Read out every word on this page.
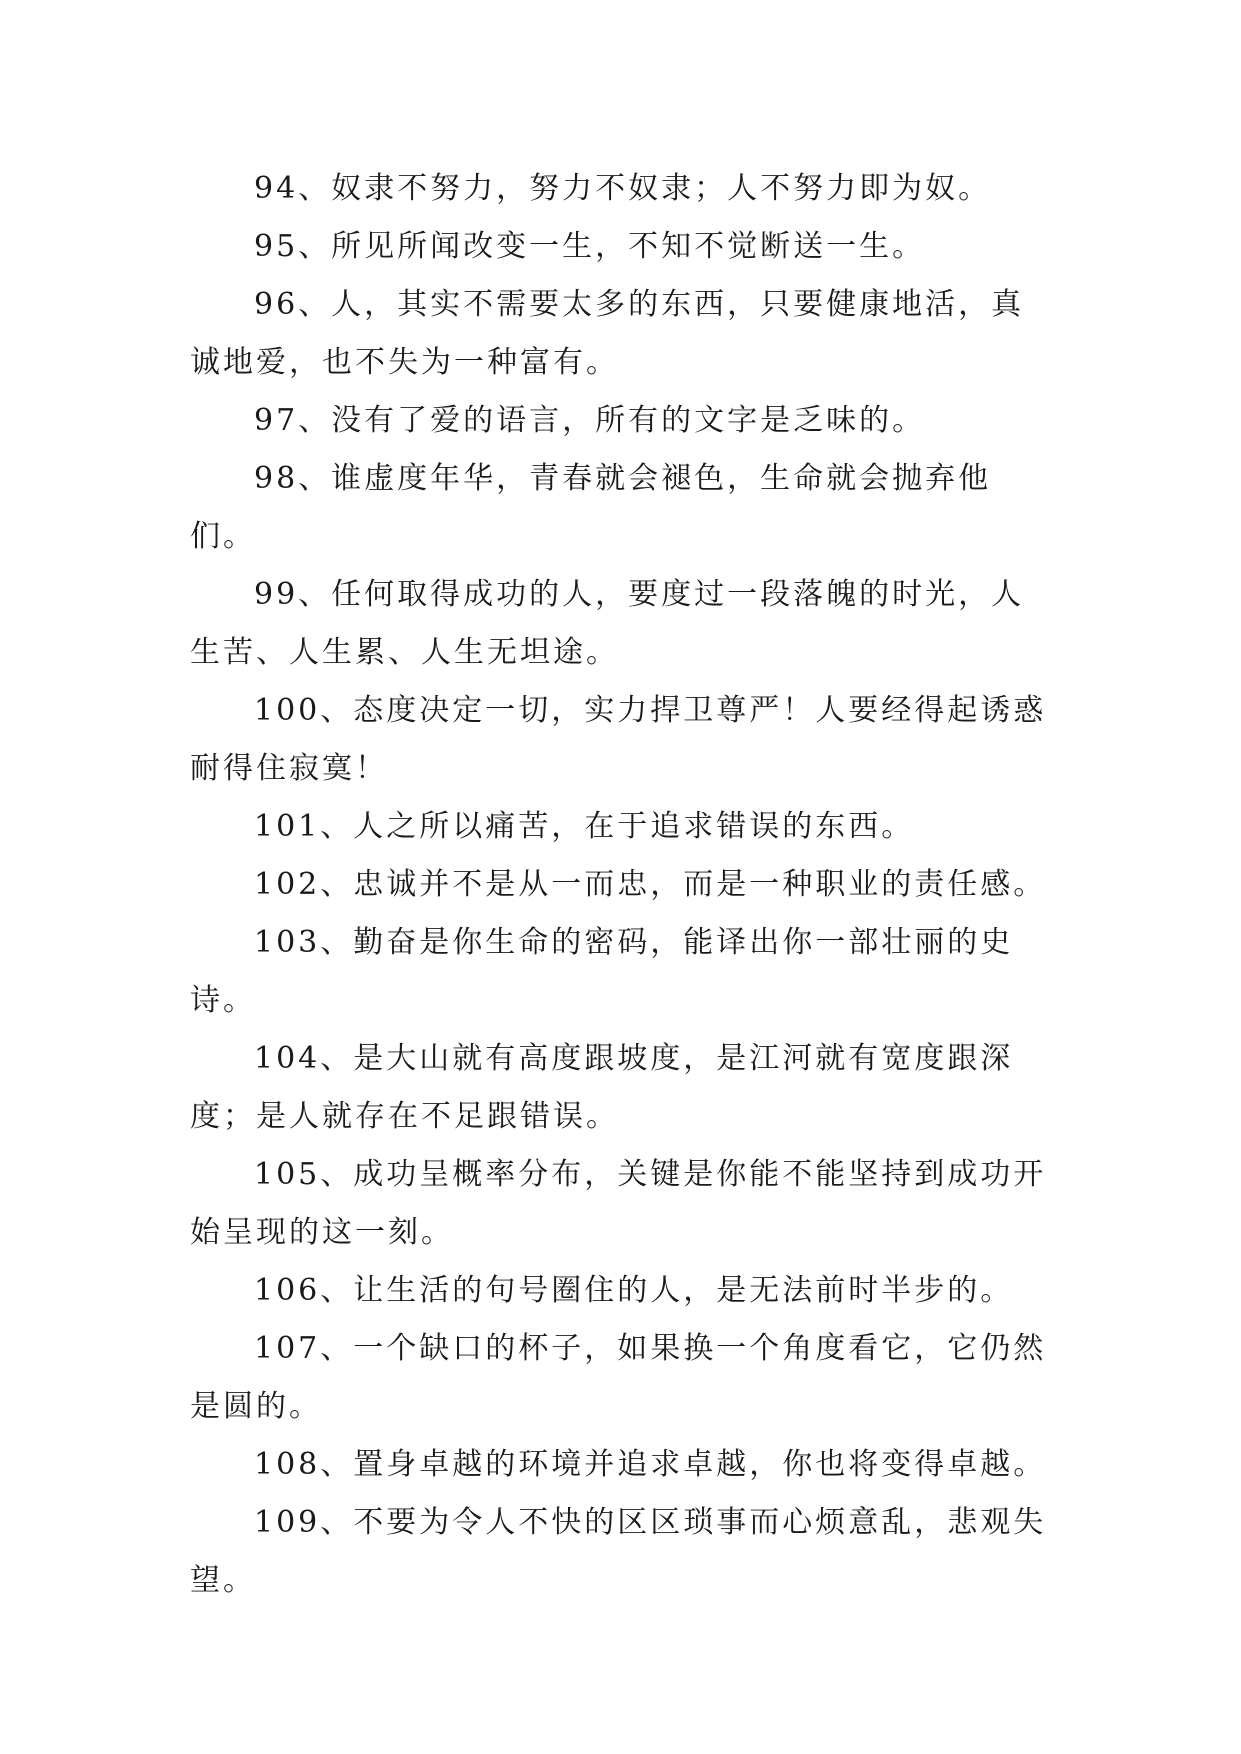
94、奴隶不努力，努力不奴隶；人不努力即为奴。

95、所见所闻改变一生，不知不觉断送一生。

96、人，其实不需要太多的东西，只要健康地活，真诚地爱，也不失为一种富有。

97、没有了爱的语言，所有的文字是乏味的。

98、谁虚度年华，青春就会褪色，生命就会抛弃他们。

99、任何取得成功的人，要度过一段落魄的时光，人生苦、人生累、人生无坦途。

100、态度决定一切，实力捍卫尊严！人要经得起诱惑耐得住寂寞！

101、人之所以痛苦，在于追求错误的东西。

102、忠诚并不是从一而忠，而是一种职业的责任感。

103、勤奋是你生命的密码，能译出你一部壮丽的史诗。

104、是大山就有高度跟坡度，是江河就有宽度跟深度；是人就存在不足跟错误。

105、成功呈概率分布，关键是你能不能坚持到成功开始呈现的这一刻。

106、让生活的句号圈住的人，是无法前时半步的。

107、一个缺口的杯子，如果换一个角度看它，它仍然是圆的。

108、置身卓越的环境并追求卓越，你也将变得卓越。

109、不要为令人不快的区区琐事而心烦意乱，悲观失望。
